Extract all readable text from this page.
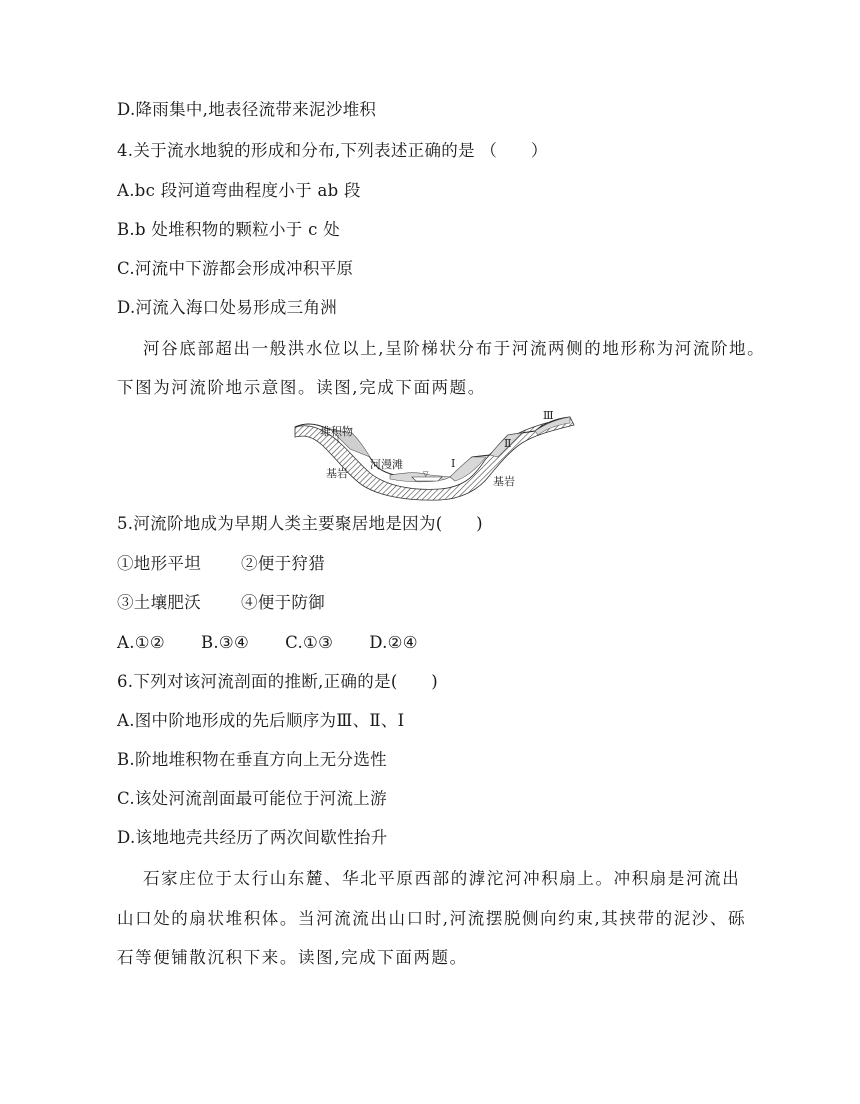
D.降雨集中,地表径流带来泥沙堆积
4.关于流水地貌的形成和分布,下列表述正确的是 （　　）
A.bc 段河道弯曲程度小于 ab 段
B.b 处堆积物的颗粒小于 c 处
C.河流中下游都会形成冲积平原
D.河流入海口处易形成三角洲
河谷底部超出一般洪水位以上,呈阶梯状分布于河流两侧的地形称为河流阶地。
下图为河流阶地示意图。读图,完成下面两题。
▽
堆积物
河漫滩
基岩
基岩
Ⅰ
Ⅱ
Ⅲ
5.河流阶地成为早期人类主要聚居地是因为(　　)
①地形平坦 ②便于狩猎
③土壤肥沃 ④便于防御
A.①② B.③④ C.①③ D.②④
6.下列对该河流剖面的推断,正确的是(　　)
A.图中阶地形成的先后顺序为Ⅲ、Ⅱ、Ⅰ
B.阶地堆积物在垂直方向上无分选性
C.该处河流剖面最可能位于河流上游
D.该地地壳共经历了两次间歇性抬升
石家庄位于太行山东麓、华北平原西部的滹沱河冲积扇上。冲积扇是河流出
山口处的扇状堆积体。当河流流出山口时,河流摆脱侧向约束,其挟带的泥沙、砾
石等便铺散沉积下来。读图,完成下面两题。
